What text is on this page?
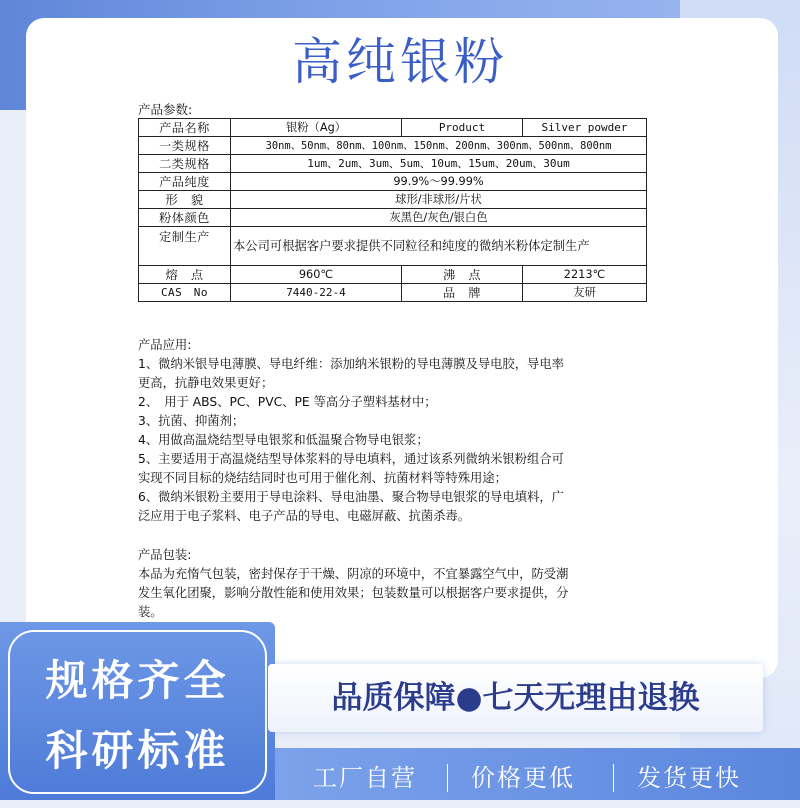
高纯银粉
产品参数:
产品名称	银粉（Ag）	Product	Silver powder
一类规格	30nm、50nm、80nm、100nm、150nm、200nm、300nm、500nm、800nm		
二类规格	1um、2um、3um、5um、10um、15um、20um、30um		
产品纯度	99.9%～99.99%		
形　貌	球形/非球形/片状		
粉体颜色	灰黑色/灰色/银白色		
定制生产	本公司可根据客户要求提供不同粒径和纯度的微纳米粉体定制生产		
熔　点	960℃	沸　点	2213℃
CAS　No	7440-22-4	品　牌	友研
产品应用:
1、微纳米银导电薄膜、导电纤维：添加纳米银粉的导电薄膜及导电胶，导电率
更高，抗静电效果更好；
2、　用于 ABS、PC、PVC、PE 等高分子塑料基材中；
3、抗菌、抑菌剂；
4、用做高温烧结型导电银浆和低温聚合物导电银浆；
5、主要适用于高温烧结型导体浆料的导电填料，通过该系列微纳米银粉组合可
实现不同目标的烧结结同时也可用于催化剂、抗菌材料等特殊用途；
6、微纳米银粉主要用于导电涂料、导电油墨、聚合物导电银浆的导电填料，广
泛应用于电子浆料、电子产品的导电、电磁屏蔽、抗菌杀毒。
产品包装:
本品为充惰气包装，密封保存于干燥、阴凉的环境中，不宜暴露空气中，防受潮
发生氧化团聚，影响分散性能和使用效果；包装数量可以根据客户要求提供，分
装。
规格齐全
科研标准
品质保障●七天无理由退换
工厂自营 价格更低	发货更快
